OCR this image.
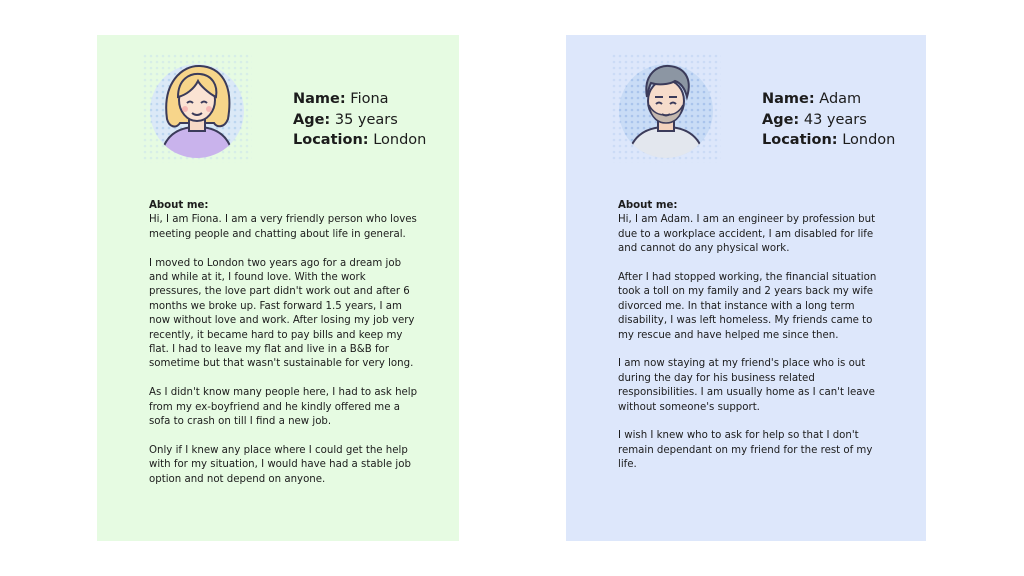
Name: Fiona
Age: 35 years
Location: London
About me:

Hi, I am Fiona. I am a very friendly person who loves meeting people and chatting about life in general.

I moved to London two years ago for a dream job and while at it, I found love. With the work pressures, the love part didn't work out and after 6 months we broke up. Fast forward 1.5 years, I am now without love and work. After losing my job very recently, it became hard to pay bills and keep my flat. I had to leave my flat and live in a B&B for sometime but that wasn't sustainable for very long.

As I didn't know many people here, I had to ask help from my ex-boyfriend and he kindly offered me a sofa to crash on till I find a new job.

Only if I knew any place where I could get the help with for my situation, I would have had a stable job option and not depend on anyone.

Name: Adam
Age: 43 years
Location: London
About me:

Hi, I am Adam. I am an engineer by profession but due to a workplace accident, I am disabled for life and cannot do any physical work.

After I had stopped working, the financial situation took a toll on my family and 2 years back my wife divorced me. In that instance with a long term disability, I was left homeless. My friends came to my rescue and have helped me since then.

I am now staying at my friend's place who is out during the day for his business related responsibilities. I am usually home as I can't leave without someone's support.

I wish I knew who to ask for help so that I don't remain dependant on my friend for the rest of my life.
